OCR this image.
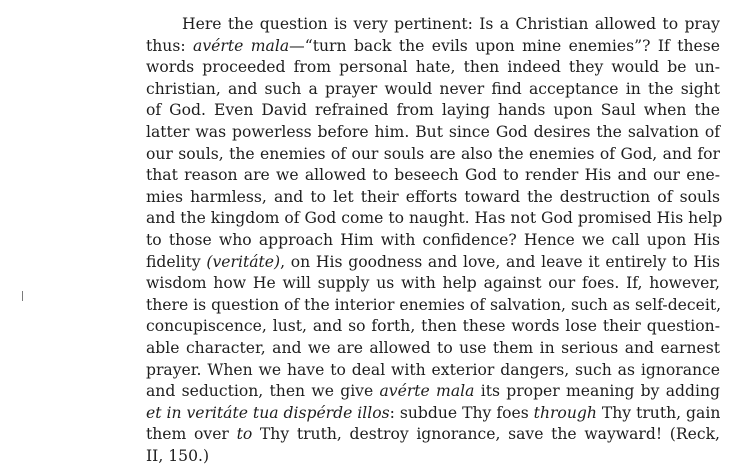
Here the question is very pertinent: Is a Christian allowed to pray
thus: avérte mala—“turn back the evils upon mine enemies”? If these
words proceeded from personal hate, then indeed they would be un-
christian, and such a prayer would never find acceptance in the sight
of God. Even David refrained from laying hands upon Saul when the
latter was powerless before him. But since God desires the salvation of
our souls, the enemies of our souls are also the enemies of God, and for
that reason are we allowed to beseech God to render His and our ene-
mies harmless, and to let their efforts toward the destruction of souls
and the kingdom of God come to naught. Has not God promised His help
to those who approach Him with confidence? Hence we call upon His
fidelity (veritáte), on His goodness and love, and leave it entirely to His
wisdom how He will supply us with help against our foes. If, however,
there is question of the interior enemies of salvation, such as self-deceit,
concupiscence, lust, and so forth, then these words lose their question-
able character, and we are allowed to use them in serious and earnest
prayer. When we have to deal with exterior dangers, such as ignorance
and seduction, then we give avérte mala its proper meaning by adding
et in veritáte tua dispérde illos: subdue Thy foes through Thy truth, gain
them over to Thy truth, destroy ignorance, save the wayward! (Reck,
II, 150.)
